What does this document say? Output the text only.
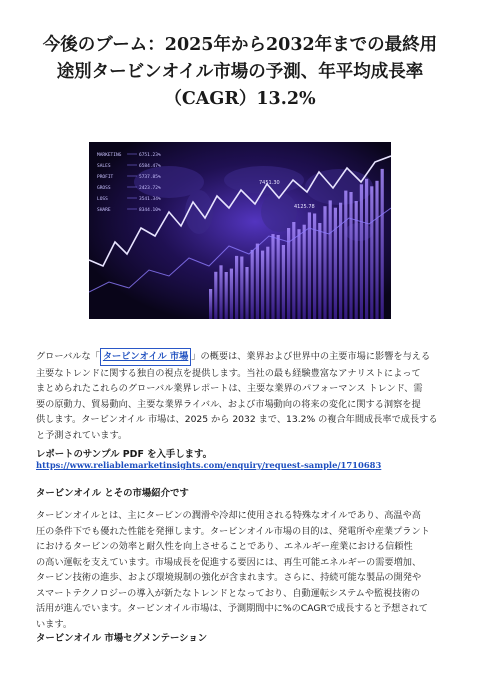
今後のブーム：2025年から2032年までの最終用
途別タービンオイル市場の予測、年平均成長率
（CAGR）13.2%
MARKETING
SALES
PROFIT
GROSS
LOSS
SHARE
6751.23%
6584.47%
5737.85%
2423.72%
3541.34%
8344.10%
7451.30
4125.78

グローバルな「 タービンオイル 市場 」の概要は、業界および世界中の主要市場に影響を与える
主要なトレンドに関する独自の視点を提供します。当社の最も経験豊富なアナリストによって
まとめられたこれらのグローバル業界レポートは、主要な業界のパフォーマンス トレンド、需
要の原動力、貿易動向、主要な業界ライバル、および市場動向の将来の変化に関する洞察を提
供します。タービンオイル 市場は、2025 から 2032 まで、13.2% の複合年間成長率で成長する
と予測されています。

レポートのサンプル PDF を入手します。
https://www.reliablemarketinsights.com/enquiry/request-sample/1710683
タービンオイル とその市場紹介です

タービンオイルとは、主にタービンの潤滑や冷却に使用される特殊なオイルであり、高温や高
圧の条件下でも優れた性能を発揮します。タービンオイル市場の目的は、発電所や産業プラント
におけるタービンの効率と耐久性を向上させることであり、エネルギー産業における信頼性
の高い運転を支えています。市場成長を促進する要因には、再生可能エネルギーの需要増加、
タービン技術の進歩、および環境規制の強化が含まれます。さらに、持続可能な製品の開発や
スマートテクノロジーの導入が新たなトレンドとなっており、自動運転システムや監視技術の
活用が進んでいます。タービンオイル市場は、予測期間中に%のCAGRで成長すると予想されて
います。

タービンオイル 市場セグメンテーション
